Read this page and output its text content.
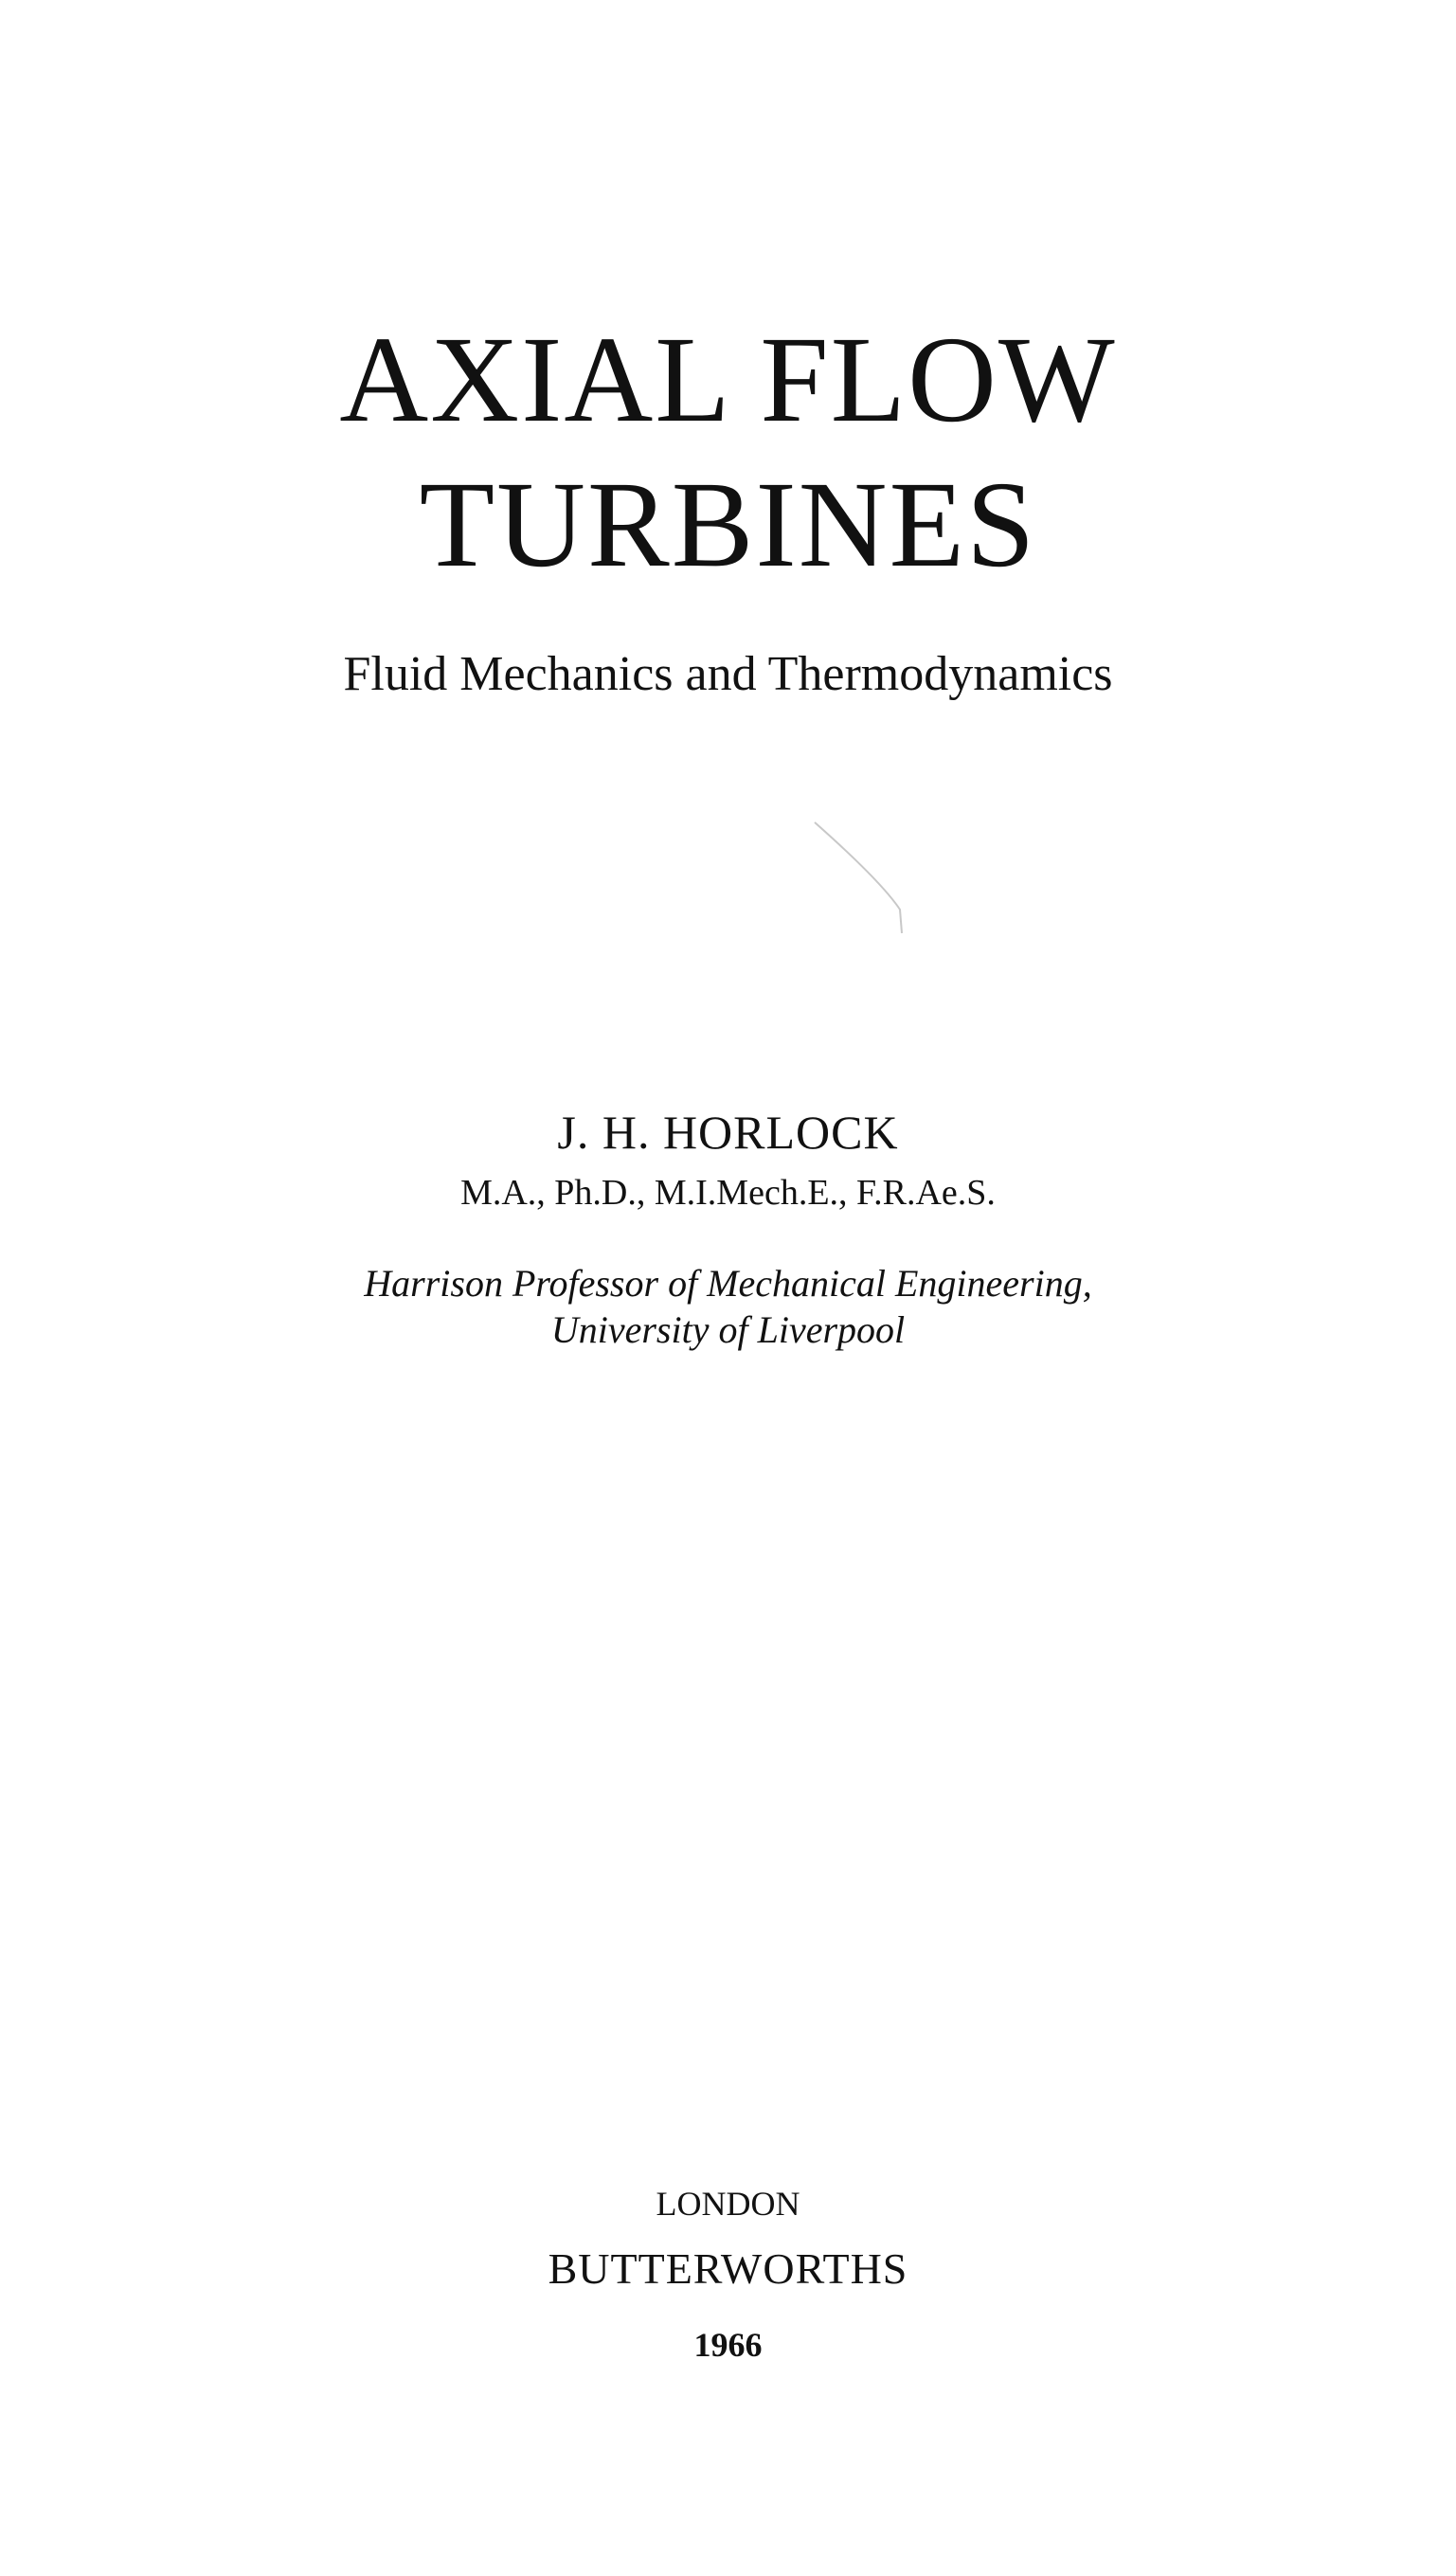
AXIAL FLOW
TURBINES
Fluid Mechanics and Thermodynamics
J. H. HORLOCK
M.A., Ph.D., M.I.Mech.E., F.R.Ae.S.
Harrison Professor of Mechanical Engineering,
University of Liverpool
LONDON
BUTTERWORTHS
1966
